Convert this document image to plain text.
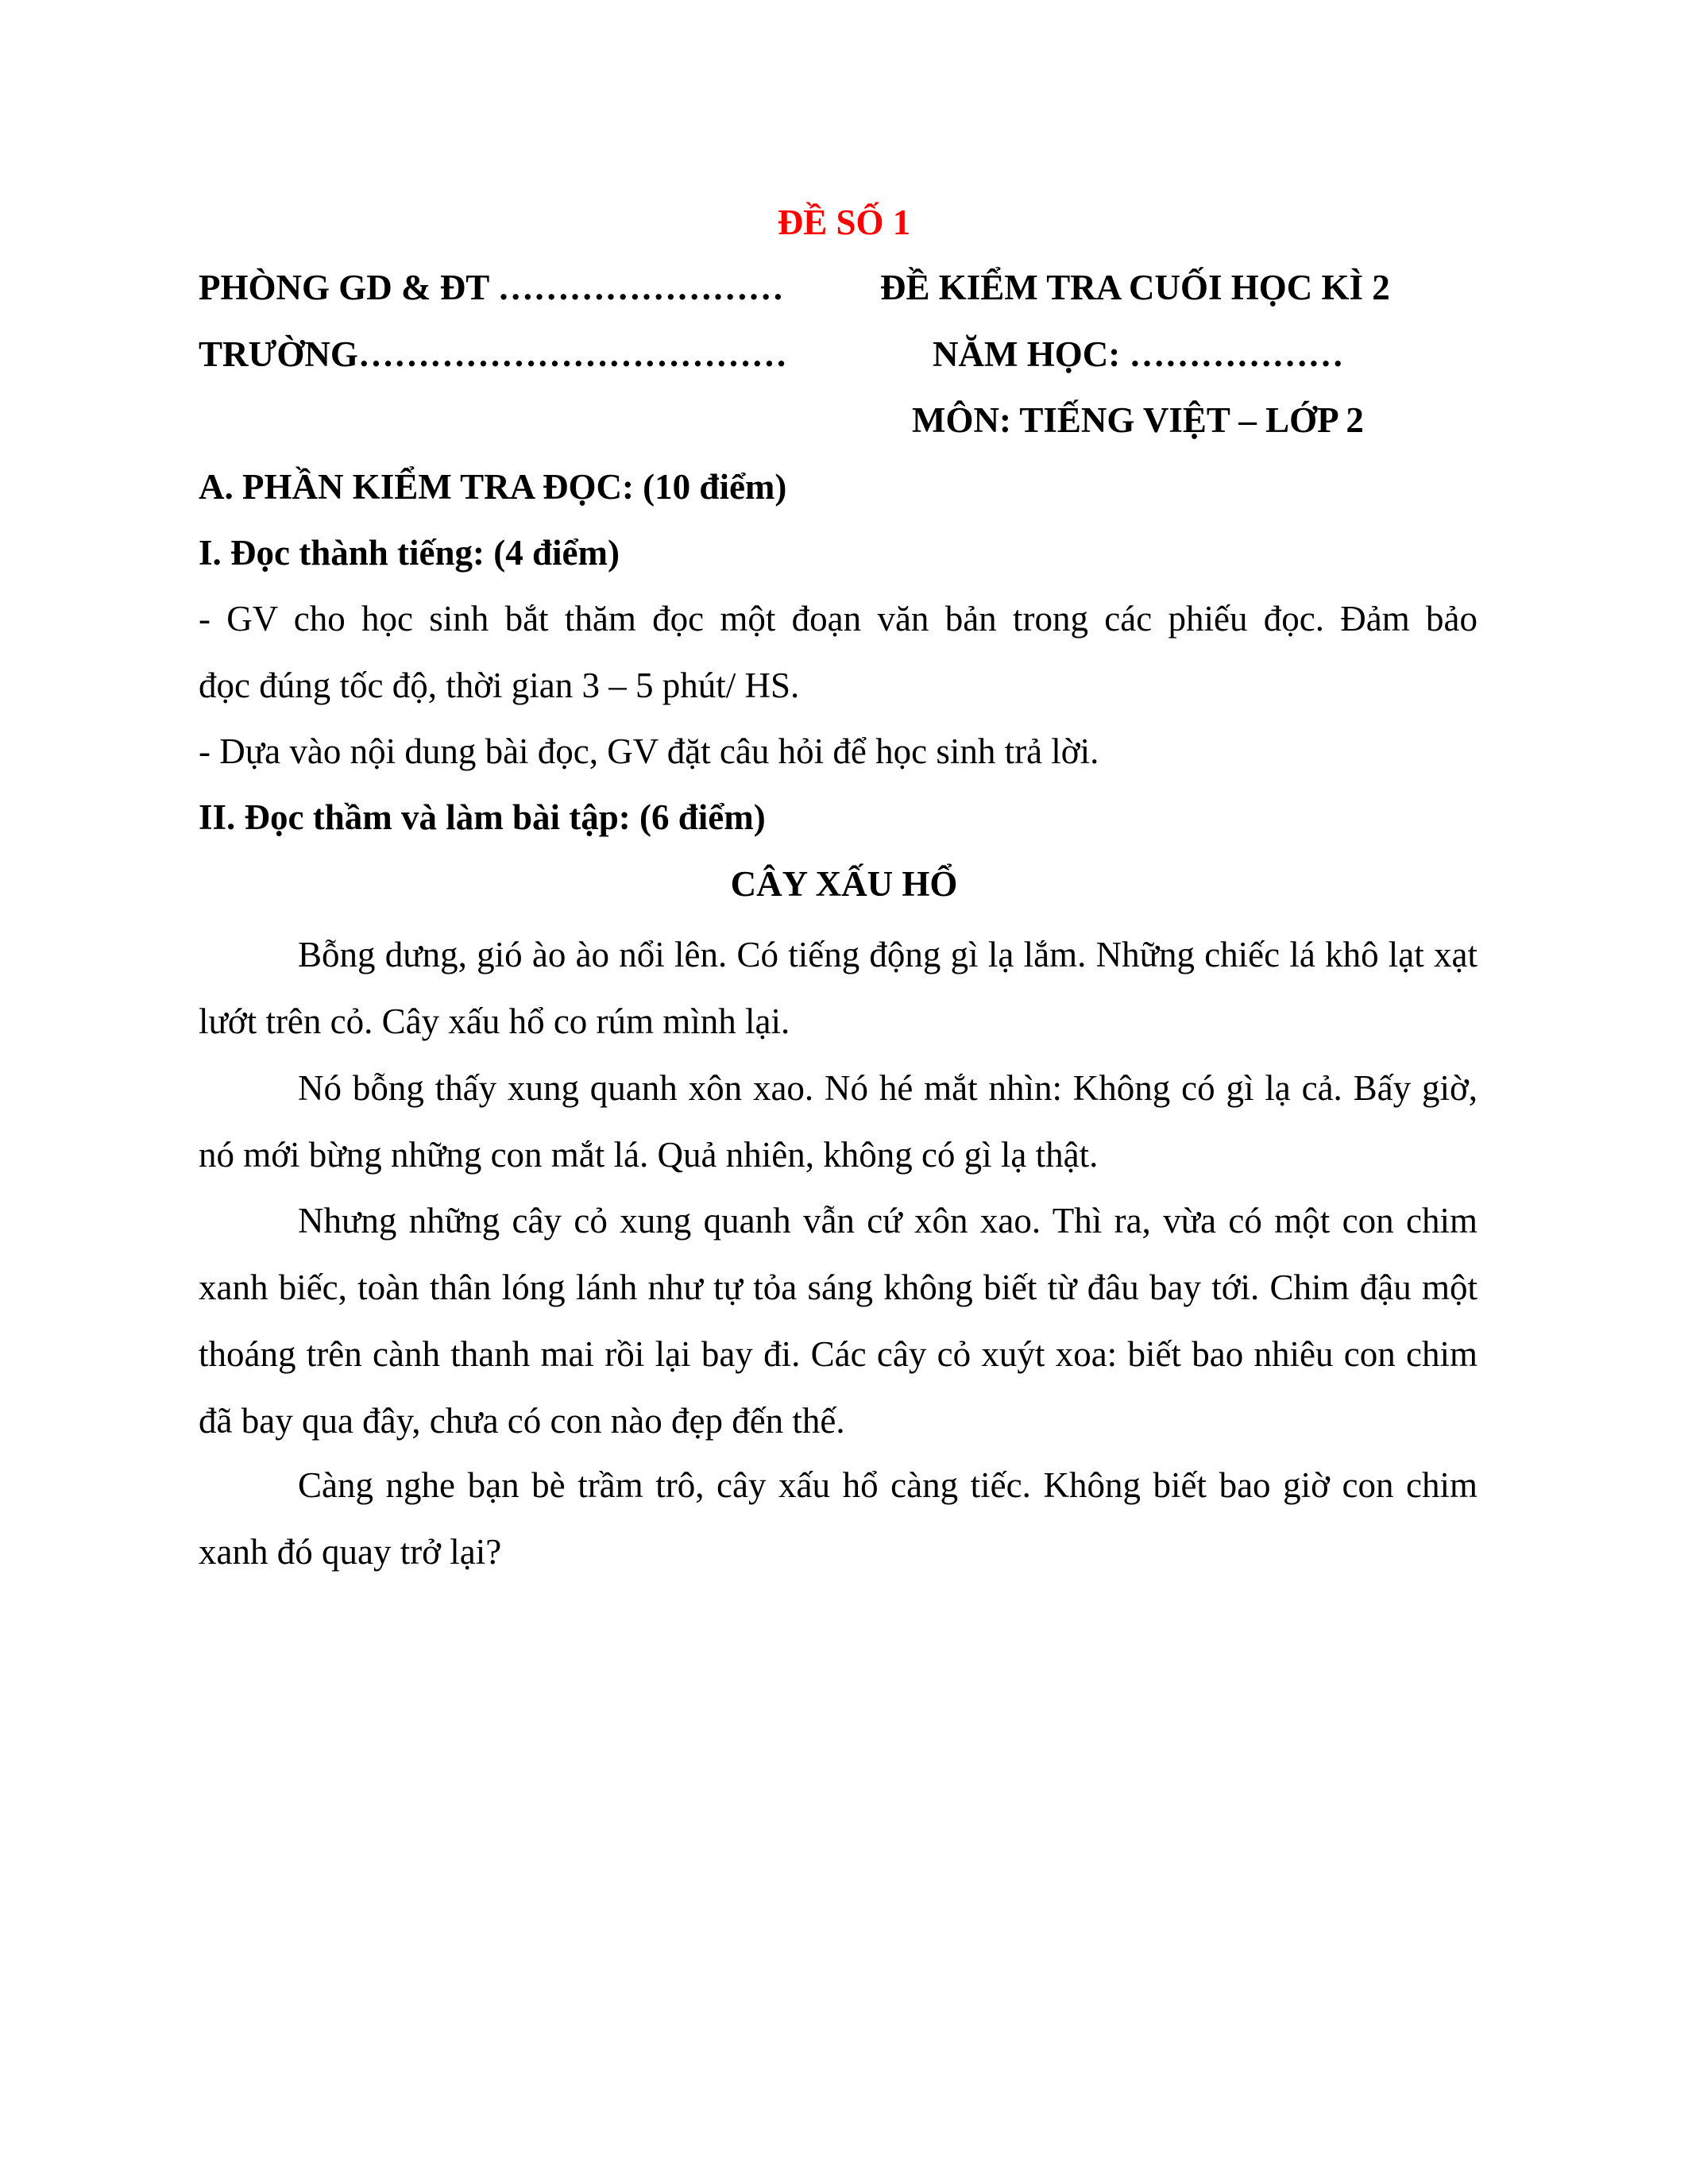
ĐỀ SỐ 1
PHÒNG GD & ĐT ……………………	ĐỀ KIỂM TRA CUỐI HỌC KÌ 2
TRƯỜNG………………………………	NĂM HỌC: ………………
MÔN: TIẾNG VIỆT – LỚP 2
A. PHẦN KIỂM TRA ĐỌC: (10 điểm)
I. Đọc thành tiếng: (4 điểm)
- GV cho học sinh bắt thăm đọc một đoạn văn bản trong các phiếu đọc. Đảm bảo
đọc đúng tốc độ, thời gian 3 – 5 phút/ HS.
- Dựa vào nội dung bài đọc, GV đặt câu hỏi để học sinh trả lời.
II. Đọc thầm và làm bài tập: (6 điểm)
CÂY XẤU HỔ
Bỗng dưng, gió ào ào nổi lên. Có tiếng động gì lạ lắm. Những chiếc lá khô lạt xạt lướt trên cỏ. Cây xấu hổ co rúm mình lại.
Nó bỗng thấy xung quanh xôn xao. Nó hé mắt nhìn: Không có gì lạ cả. Bấy giờ, nó mới bừng những con mắt lá. Quả nhiên, không có gì lạ thật.
Nhưng những cây cỏ xung quanh vẫn cứ xôn xao. Thì ra, vừa có một con chim xanh biếc, toàn thân lóng lánh như tự tỏa sáng không biết từ đâu bay tới. Chim đậu một thoáng trên cành thanh mai rồi lại bay đi. Các cây cỏ xuýt xoa: biết bao nhiêu con chim đã bay qua đây, chưa có con nào đẹp đến thế.
Càng nghe bạn bè trầm trô, cây xấu hổ càng tiếc. Không biết bao giờ con chim xanh đó quay trở lại?
